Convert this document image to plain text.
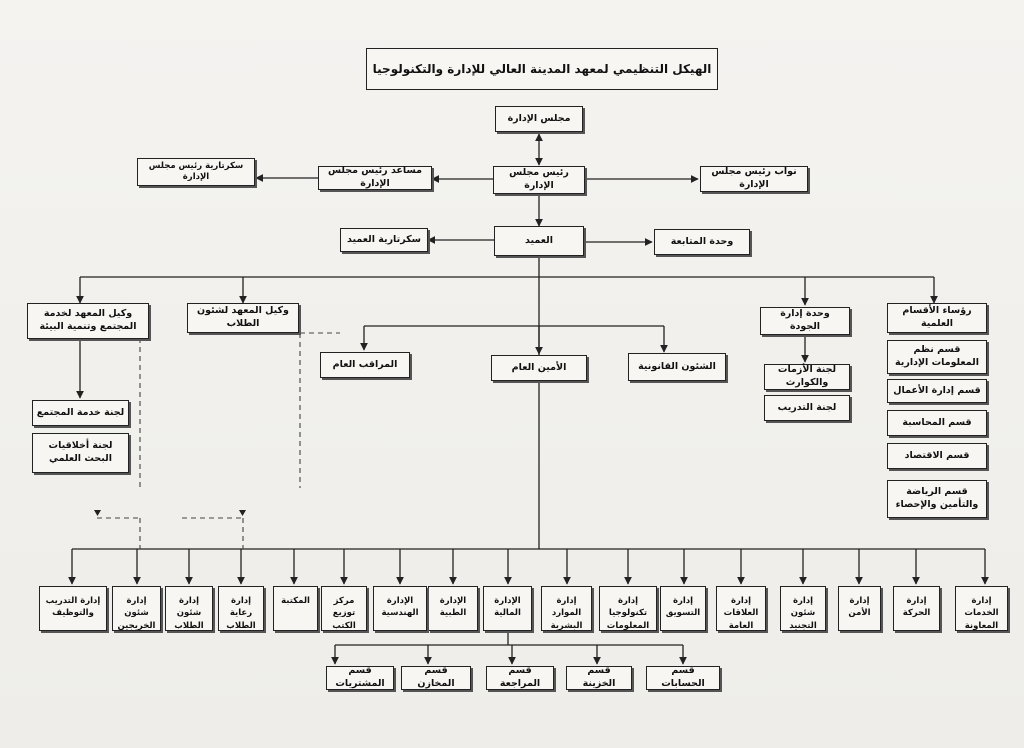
الهيكل التنظيمي لمعهد المدينة العالي للإدارة والتكنولوجيا
مجلس الإدارة
رئيس مجلس الإدارة
مساعد رئيس مجلس الإدارة
سكرتارية رئيس مجلس الإدارة	نواب رئيس مجلس الإدارة
العميد
سكرتارية العميد	وحدة المتابعة
وكيل المعهد لخدمة المجتمع وتنمية البيئة
وكيل المعهد لشئون الطلاب
وحدة إدارة الجودة
رؤساء الأقسام العلمية
المراقب العام	الأمين العام	الشئون القانونية
لجنة خدمة المجتمع
لجنة أخلاقيات البحث العلمي
لجنة الأزمات والكوارث
لجنة التدريب
قسم نظم المعلومات الإدارية
قسم إدارة الأعمال
قسم المحاسبة
قسم الاقتصاد
قسم الرياضة والتأمين والإحصاء
إدارة الخدمات المعاونة
إدارة الحركة
إدارة الأمن
إدارة شئون التجنيد
إدارة العلاقات العامة
إدارة التسويق
إدارة تكنولوجيا المعلومات
إدارة الموارد البشرية
الإدارة المالية
الإدارة الطبية
الإدارة الهندسية
مركز توزيع الكتب
المكتبة
إدارة رعاية الطلاب
إدارة شئون الطلاب
إدارة شئون الخريجين
إدارة التدريب والتوظيف
قسم الحسابات
قسم الخزينة
قسم المراجعة
قسم المخازن
قسم المشتريات
